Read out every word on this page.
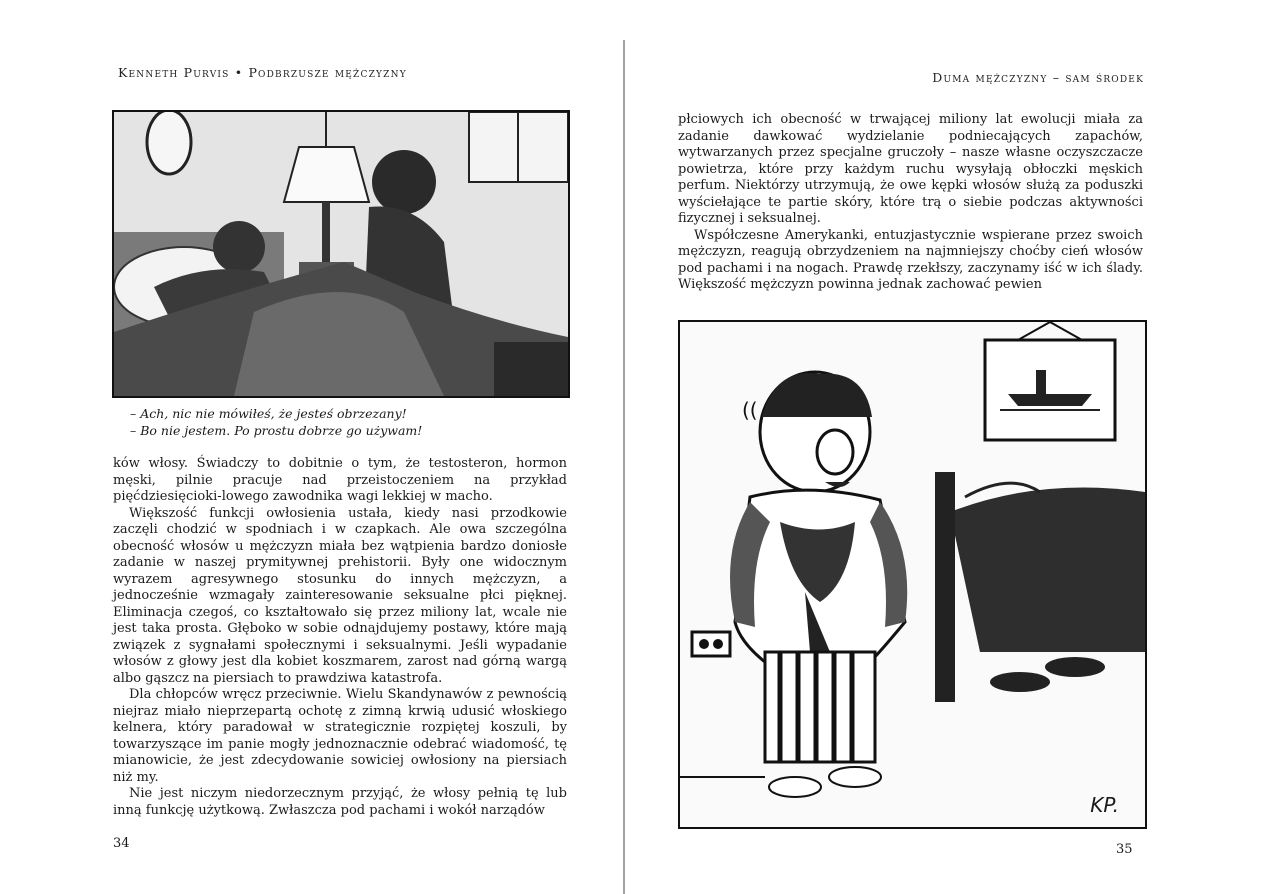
Kenneth Purvis • Podbrzusze mężczyzny
– Ach, nic nie mówiłeś, że jesteś obrzezany!
– Bo nie jestem. Po prostu dobrze go używam!

ków włosy. Świadczy to dobitnie o tym, że testosteron, hormon męski, pilnie pracuje nad przeistoczeniem na przykład pięćdziesięcioki-lowego zawodnika wagi lekkiej w macho.

Większość funkcji owłosienia ustała, kiedy nasi przodkowie zaczęli chodzić w spodniach i w czapkach. Ale owa szczególna obecność włosów u mężczyzn miała bez wątpienia bardzo doniosłe zadanie w naszej prymitywnej prehistorii. Były one widocznym wyrazem agresywnego stosunku do innych mężczyzn, a jednocześnie wzmagały zainteresowanie seksualne płci pięknej. Eliminacja czegoś, co kształtowało się przez miliony lat, wcale nie jest taka prosta. Głęboko w sobie odnajdujemy postawy, które mają związek z sygnałami społecznymi i seksualnymi. Jeśli wypadanie włosów z głowy jest dla kobiet koszmarem, zarost nad górną wargą albo gąszcz na piersiach to prawdziwa katastrofa.

Dla chłopców wręcz przeciwnie. Wielu Skandynawów z pewnością niejraz miało nieprzepartą ochotę z zimną krwią udusić włoskiego kelnera, który paradował w strategicznie rozpiętej koszuli, by towarzyszące im panie mogły jednoznacznie odebrać wiadomość, tę mianowicie, że jest zdecydowanie sowiciej owłosiony na piersiach niż my.

Nie jest niczym niedorzecznym przyjąć, że włosy pełnią tę lub inną funkcję użytkową. Zwłaszcza pod pachami i wokół narządów

34
Duma mężczyzny – sam środek

płciowych ich obecność w trwającej miliony lat ewolucji miała za zadanie dawkować wydzielanie podniecających zapachów, wytwarzanych przez specjalne gruczoły – nasze własne oczyszczacze powietrza, które przy każdym ruchu wysyłają obłoczki męskich perfum. Niektórzy utrzymują, że owe kępki włosów służą za poduszki wyściełające te partie skóry, które trą o siebie podczas aktywności fizycznej i seksualnej.

Współczesne Amerykanki, entuzjastycznie wspierane przez swoich mężczyzn, reagują obrzydzeniem na najmniejszy choćby cień włosów pod pachami i na nogach. Prawdę rzekłszy, zaczynamy iść w ich ślady. Większość mężczyzn powinna jednak zachować pewien

((
KP.
35
